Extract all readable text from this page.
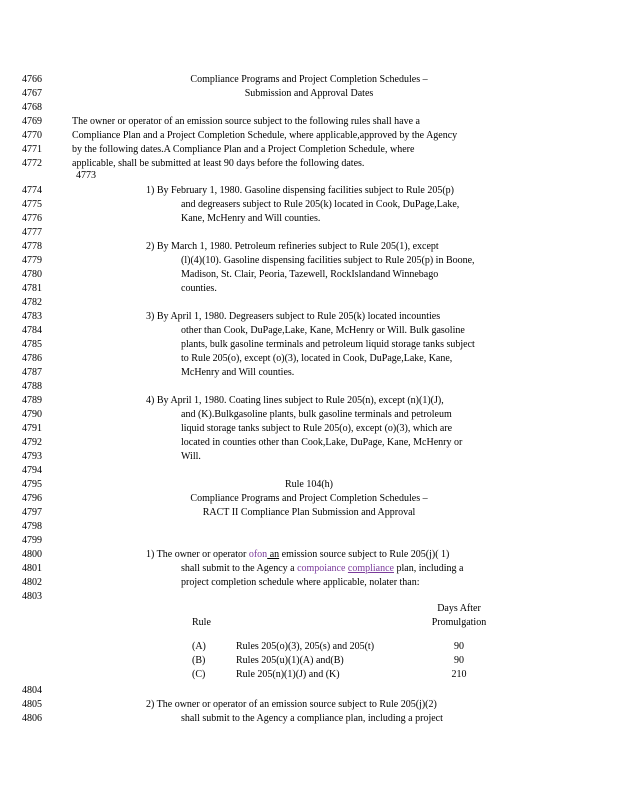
4766
4767
4768
4769
4770
4771
4772
4774
4775
4776
4777
4778
4779
4780
4781
4782
4783
4784
4785
4786
4787
4788
4789
4790
4791
4792
4793
4794
4795
4796
4797
4798
4799
4800
4801
4802
4803
4804
4805
4806
Compliance Programs and Project Completion Schedules –
Submission and Approval Dates
The owner or operator of an emission source subject to the following rules shall have a
Compliance Plan and a Project Completion Schedule, where applicable,approved by the Agency
by the following dates.A Compliance Plan and a Project Completion Schedule, where
applicable, shall be submitted at least 90 days before the following dates.
4773
1) By February 1, 1980. Gasoline dispensing facilities subject to Rule 205(p)
and degreasers subject to Rule 205(k) located in Cook, DuPage,Lake,
Kane, McHenry and Will counties.
2) By March 1, 1980. Petroleum refineries subject to Rule 205(1), except
(l)(4)(10). Gasoline dispensing facilities subject to Rule 205(p) in Boone,
Madison, St. Clair, Peoria, Tazewell, RockIslandand Winnebago
counties.
3) By April 1, 1980. Degreasers subject to Rule 205(k) located incounties
other than Cook, DuPage,Lake, Kane, McHenry or Will. Bulk gasoline
plants, bulk gasoline terminals and petroleum liquid storage tanks subject
to Rule 205(o), except (o)(3), located in Cook, DuPage,Lake, Kane,
McHenry and Will counties.
4) By April 1, 1980. Coating lines subject to Rule 205(n), except (n)(1)(J),
and (K).Bulkgasoline plants, bulk gasoline terminals and petroleum
liquid storage tanks subject to Rule 205(o), except (o)(3), which are
located in counties other than Cook,Lake, DuPage, Kane, McHenry or
Will.
Rule 104(h)
Compliance Programs and Project Completion Schedules –
RACT II Compliance Plan Submission and Approval
1) The owner or operator ofon an emission source subject to Rule 205(j)( 1)
shall submit to the Agency a compoiance compliance plan, including a
project completion schedule where applicable, nolater than:
Rule
Days After
Promulgation
(A)	Rules 205(o)(3), 205(s) and 205(t)	90
(B)	Rules 205(u)(1)(A) and(B)	90
(C)	Rule 205(n)(1)(J) and (K)	210
2) The owner or operator of an emission source subject to Rule 205(j)(2)
shall submit to the Agency a compliance plan, including a project
